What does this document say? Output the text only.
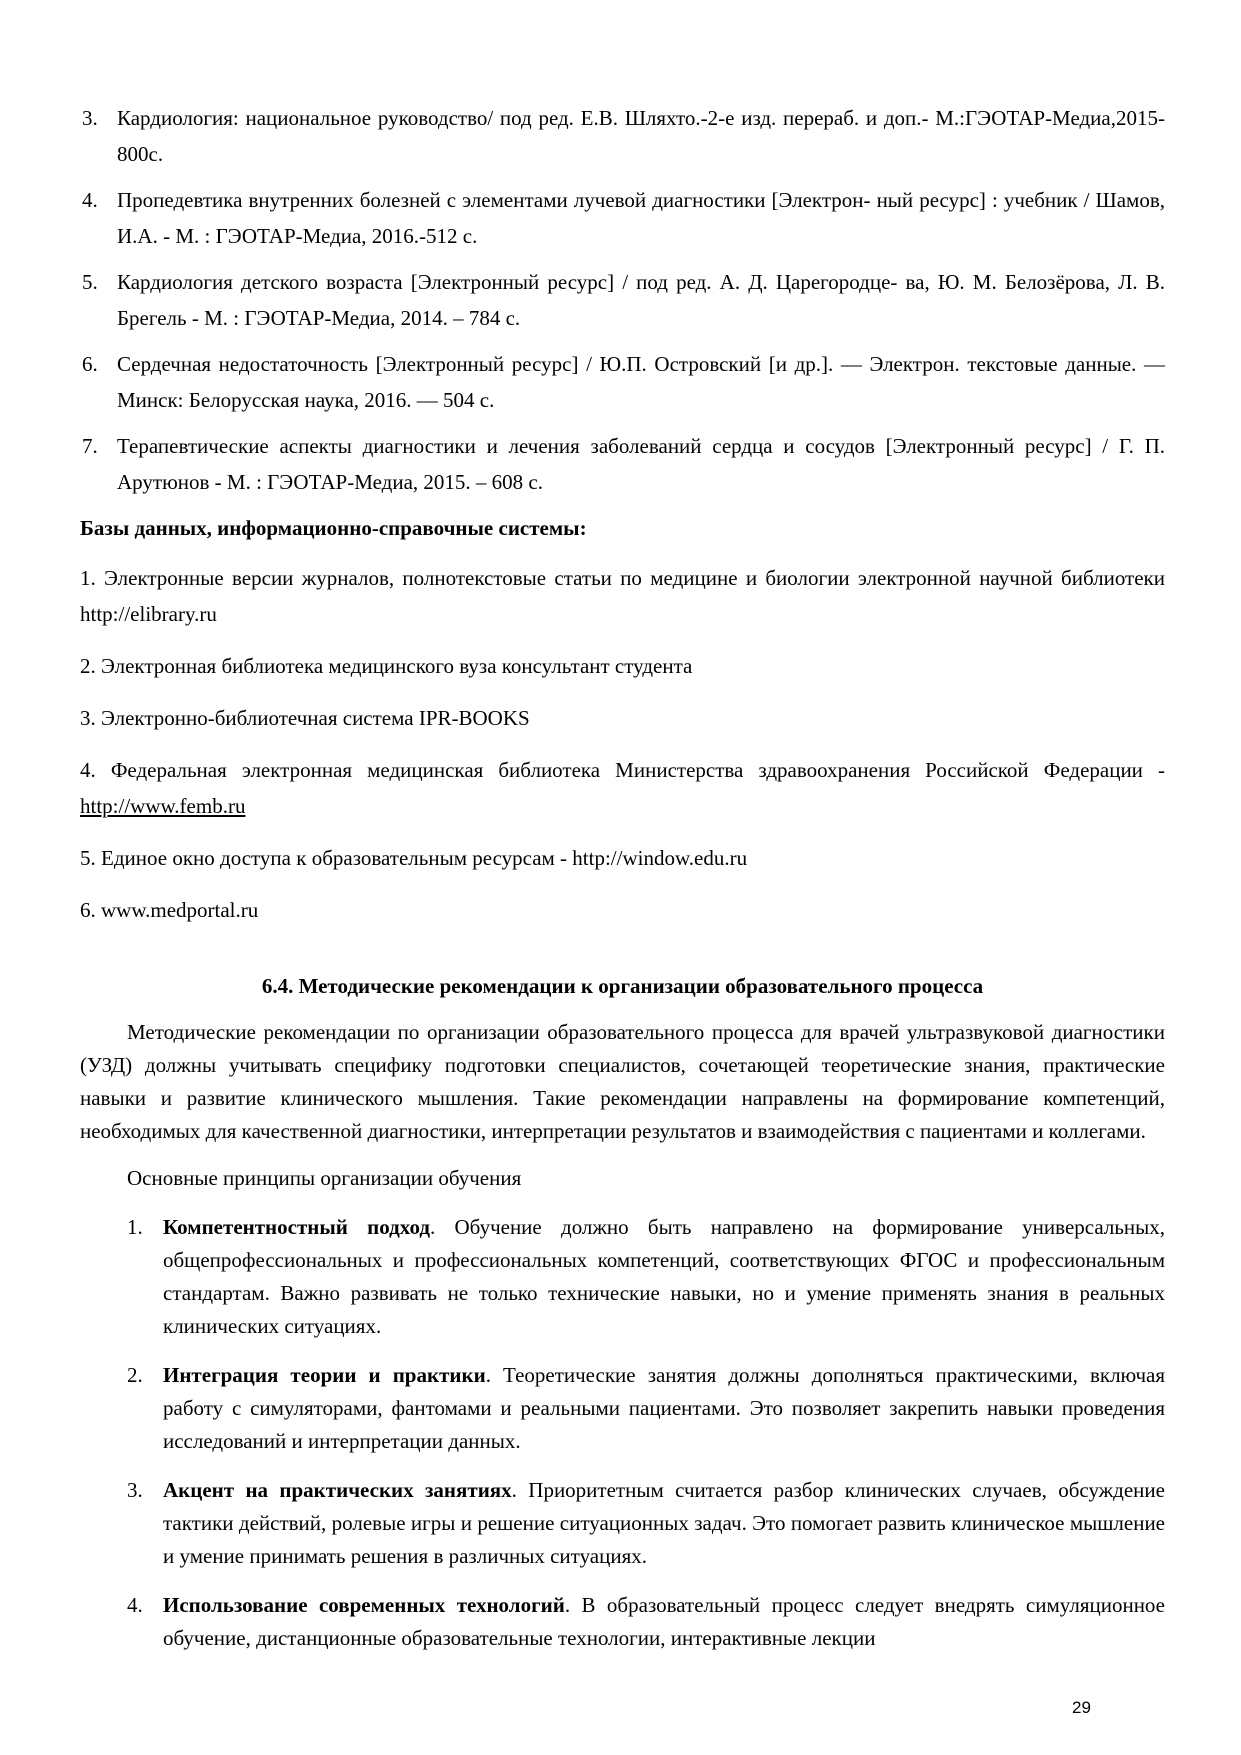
3. Кардиология: национальное руководство/ под ред. Е.В. Шляхто.-2-е изд. перераб. и доп.- М.:ГЭОТАР-Медиа,2015-800с.
4. Пропедевтика внутренних болезней с элементами лучевой диагностики [Электрон- ный ресурс] : учебник / Шамов, И.А. - М. : ГЭОТАР-Медиа, 2016.-512 с.
5. Кардиология детского возраста [Электронный ресурс] / под ред. А. Д. Царегородце- ва, Ю. М. Белозёрова, Л. В. Брегель - М. : ГЭОТАР-Медиа, 2014. – 784 с.
6. Сердечная недостаточность [Электронный ресурс] / Ю.П. Островский [и др.]. — Электрон. текстовые данные. — Минск: Белорусская наука, 2016. — 504 с.
7. Терапевтические аспекты диагностики и лечения заболеваний сердца и сосудов [Электронный ресурс] / Г. П. Арутюнов - М. : ГЭОТАР-Медиа, 2015. – 608 с.

Базы данных, информационно-справочные системы:

1. Электронные версии журналов, полнотекстовые статьи по медицине и биологии электронной научной библиотеки http://elibrary.ru

2. Электронная библиотека медицинского вуза консультант студента

3. Электронно-библиотечная система IPR-BOOKS

4. Федеральная электронная медицинская библиотека Министерства здравоохранения Российской Федерации - http://www.femb.ru

5. Единое окно доступа к образовательным ресурсам - http://window.edu.ru

6. www.medportal.ru

6.4. Методические рекомендации к организации образовательного процесса

Методические рекомендации по организации образовательного процесса для врачей ультразвуковой диагностики (УЗД) должны учитывать специфику подготовки специалистов, сочетающей теоретические знания, практические навыки и развитие клинического мышления. Такие рекомендации направлены на формирование компетенций, необходимых для качественной диагностики, интерпретации результатов и взаимодействия с пациентами и коллегами.

Основные принципы организации обучения

1. Компетентностный подход. Обучение должно быть направлено на формирование универсальных, общепрофессиональных и профессиональных компетенций, соответствующих ФГОС и профессиональным стандартам. Важно развивать не только технические навыки, но и умение применять знания в реальных клинических ситуациях.
2. Интеграция теории и практики. Теоретические занятия должны дополняться практическими, включая работу с симуляторами, фантомами и реальными пациентами. Это позволяет закрепить навыки проведения исследований и интерпретации данных.
3. Акцент на практических занятиях. Приоритетным считается разбор клинических случаев, обсуждение тактики действий, ролевые игры и решение ситуационных задач. Это помогает развить клиническое мышление и умение принимать решения в различных ситуациях.
4. Использование современных технологий. В образовательный процесс следует внедрять симуляционное обучение, дистанционные образовательные технологии, интерактивные лекции
29
